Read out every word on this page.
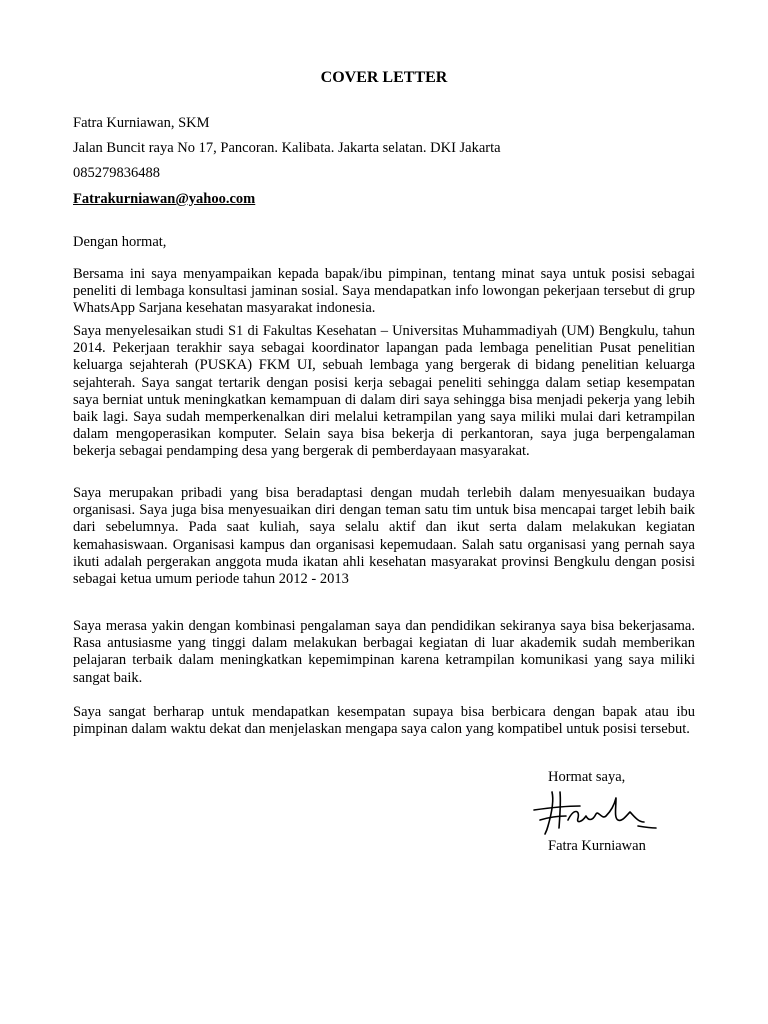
COVER LETTER

Fatra Kurniawan, SKM

Jalan Buncit raya No 17, Pancoran. Kalibata. Jakarta selatan. DKI Jakarta

085279836488

Fatrakurniawan@yahoo.com

Dengan hormat,

Bersama ini saya menyampaikan kepada bapak/ibu pimpinan, tentang minat saya untuk posisi sebagai peneliti di lembaga konsultasi jaminan sosial. Saya mendapatkan info lowongan pekerjaan tersebut di grup WhatsApp Sarjana kesehatan masyarakat indonesia.

Saya menyelesaikan studi S1 di Fakultas Kesehatan – Universitas Muhammadiyah (UM) Bengkulu, tahun 2014. Pekerjaan terakhir saya sebagai koordinator lapangan pada lembaga penelitian Pusat penelitian keluarga sejahterah (PUSKA) FKM UI, sebuah lembaga yang bergerak di bidang penelitian keluarga sejahterah. Saya sangat tertarik dengan posisi kerja sebagai peneliti sehingga dalam setiap kesempatan saya berniat untuk meningkatkan kemampuan di dalam diri saya sehingga bisa menjadi pekerja yang lebih baik lagi. Saya sudah memperkenalkan diri melalui ketrampilan yang saya miliki mulai dari ketrampilan dalam mengoperasikan komputer. Selain saya bisa bekerja di perkantoran, saya juga berpengalaman bekerja sebagai pendamping desa yang bergerak di pemberdayaan masyarakat.

Saya merupakan pribadi yang bisa beradaptasi dengan mudah terlebih dalam menyesuaikan budaya organisasi. Saya juga bisa menyesuaikan diri dengan teman satu tim untuk bisa mencapai target lebih baik dari sebelumnya. Pada saat kuliah, saya selalu aktif dan ikut serta dalam melakukan kegiatan kemahasiswaan. Organisasi kampus dan organisasi kepemudaan. Salah satu organisasi yang pernah saya ikuti adalah pergerakan anggota muda ikatan ahli kesehatan masyarakat provinsi Bengkulu dengan posisi sebagai ketua umum periode tahun 2012 - 2013

Saya merasa yakin dengan kombinasi pengalaman saya dan pendidikan sekiranya saya bisa bekerjasama. Rasa antusiasme yang tinggi dalam melakukan berbagai kegiatan di luar akademik sudah memberikan pelajaran terbaik dalam meningkatkan kepemimpinan karena ketrampilan komunikasi yang saya miliki sangat baik.

Saya sangat berharap untuk mendapatkan kesempatan supaya bisa berbicara dengan bapak atau ibu pimpinan dalam waktu dekat dan menjelaskan mengapa saya calon yang kompatibel untuk posisi tersebut.

Hormat saya,

Fatra Kurniawan
